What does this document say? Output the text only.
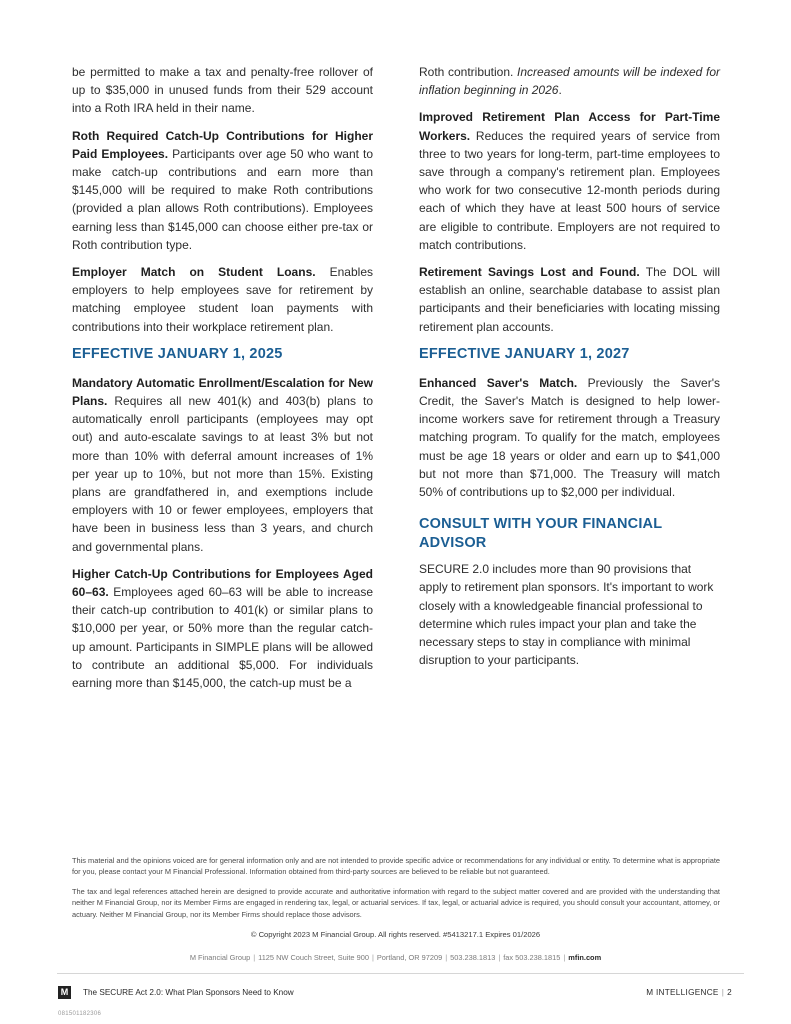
be permitted to make a tax and penalty-free rollover of up to $35,000 in unused funds from their 529 account into a Roth IRA held in their name.

Roth Required Catch-Up Contributions for Higher Paid Employees. Participants over age 50 who want to make catch-up contributions and earn more than $145,000 will be required to make Roth contributions (provided a plan allows Roth contributions). Employees earning less than $145,000 can choose either pre-tax or Roth contribution type.

Employer Match on Student Loans. Enables employers to help employees save for retirement by matching employee student loan payments with contributions into their workplace retirement plan.

EFFECTIVE JANUARY 1, 2025

Mandatory Automatic Enrollment/Escalation for New Plans. Requires all new 401(k) and 403(b) plans to automatically enroll participants (employees may opt out) and auto-escalate savings to at least 3% but not more than 10% with deferral amount increases of 1% per year up to 10%, but not more than 15%. Existing plans are grandfathered in, and exemptions include employers with 10 or fewer employees, employers that have been in business less than 3 years, and church and governmental plans.

Higher Catch-Up Contributions for Employees Aged 60–63. Employees aged 60–63 will be able to increase their catch-up contribution to 401(k) or similar plans to $10,000 per year, or 50% more than the regular catch-up amount. Participants in SIMPLE plans will be allowed to contribute an additional $5,000. For individuals earning more than $145,000, the catch-up must be a

Roth contribution. Increased amounts will be indexed for inflation beginning in 2026.

Improved Retirement Plan Access for Part-Time Workers. Reduces the required years of service from three to two years for long-term, part-time employees to save through a company's retirement plan. Employees who work for two consecutive 12-month periods during each of which they have at least 500 hours of service are eligible to contribute. Employers are not required to match contributions.

Retirement Savings Lost and Found. The DOL will establish an online, searchable database to assist plan participants and their beneficiaries with locating missing retirement plan accounts.

EFFECTIVE JANUARY 1, 2027

Enhanced Saver's Match. Previously the Saver's Credit, the Saver's Match is designed to help lower-income workers save for retirement through a Treasury matching program. To qualify for the match, employees must be age 18 years or older and earn up to $41,000 but not more than $71,000. The Treasury will match 50% of contributions up to $2,000 per individual.

CONSULT WITH YOUR FINANCIAL ADVISOR

SECURE 2.0 includes more than 90 provisions that apply to retirement plan sponsors. It's important to work closely with a knowledgeable financial professional to determine which rules impact your plan and take the necessary steps to stay in compliance with minimal disruption to your participants.

This material and the opinions voiced are for general information only and are not intended to provide specific advice or recommendations for any individual or entity. To determine what is appropriate for you, please contact your M Financial Professional. Information obtained from third-party sources are believed to be reliable but not guaranteed.

The tax and legal references attached herein are designed to provide accurate and authoritative information with regard to the subject matter covered and are provided with the understanding that neither M Financial Group, nor its Member Firms are engaged in rendering tax, legal, or actuarial services. If tax, legal, or actuarial advice is required, you should consult your accountant, attorney, or actuary. Neither M Financial Group, nor its Member Firms should replace those advisors.

© Copyright 2023 M Financial Group. All rights reserved. #5413217.1 Expires 01/2026
M Financial Group | 1125 NW Couch Street, Suite 900 | Portland, OR 97209 | 503.238.1813 | fax 503.238.1815 | mfin.com
M	The SECURE Act 2.0: What Plan Sponsors Need to Know	M INTELLIGENCE | 2
081501182306
